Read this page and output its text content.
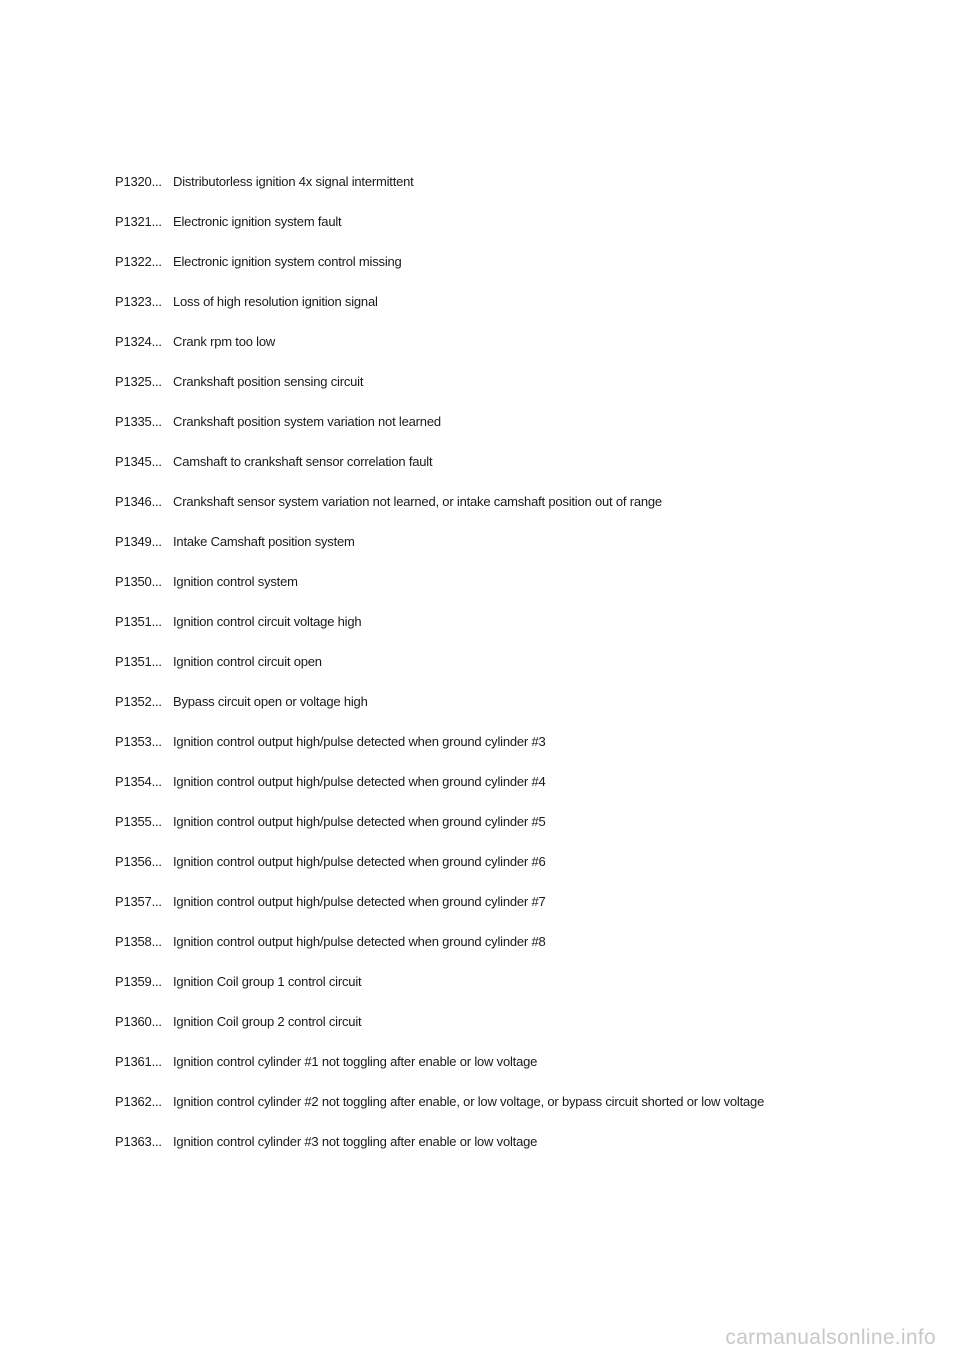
P1320... Distributorless ignition 4x signal intermittent
P1321... Electronic ignition system fault
P1322... Electronic ignition system control missing
P1323... Loss of high resolution ignition signal
P1324... Crank rpm too low
P1325... Crankshaft position sensing circuit
P1335... Crankshaft position system variation not learned
P1345... Camshaft to crankshaft sensor correlation fault
P1346... Crankshaft sensor system variation not learned, or intake camshaft position out of range
P1349... Intake Camshaft position system
P1350... Ignition control system
P1351... Ignition control circuit voltage high
P1351... Ignition control circuit open
P1352... Bypass circuit open or voltage high
P1353... Ignition control output high/pulse detected when ground cylinder #3
P1354... Ignition control output high/pulse detected when ground cylinder #4
P1355... Ignition control output high/pulse detected when ground cylinder #5
P1356... Ignition control output high/pulse detected when ground cylinder #6
P1357... Ignition control output high/pulse detected when ground cylinder #7
P1358... Ignition control output high/pulse detected when ground cylinder #8
P1359... Ignition Coil group 1 control circuit
P1360... Ignition Coil group 2 control circuit
P1361... Ignition control cylinder #1 not toggling after enable or low voltage
P1362... Ignition control cylinder #2 not toggling after enable, or low voltage, or bypass circuit shorted or low voltage
P1363... Ignition control cylinder #3 not toggling after enable or low voltage
carmanualsonline.info
